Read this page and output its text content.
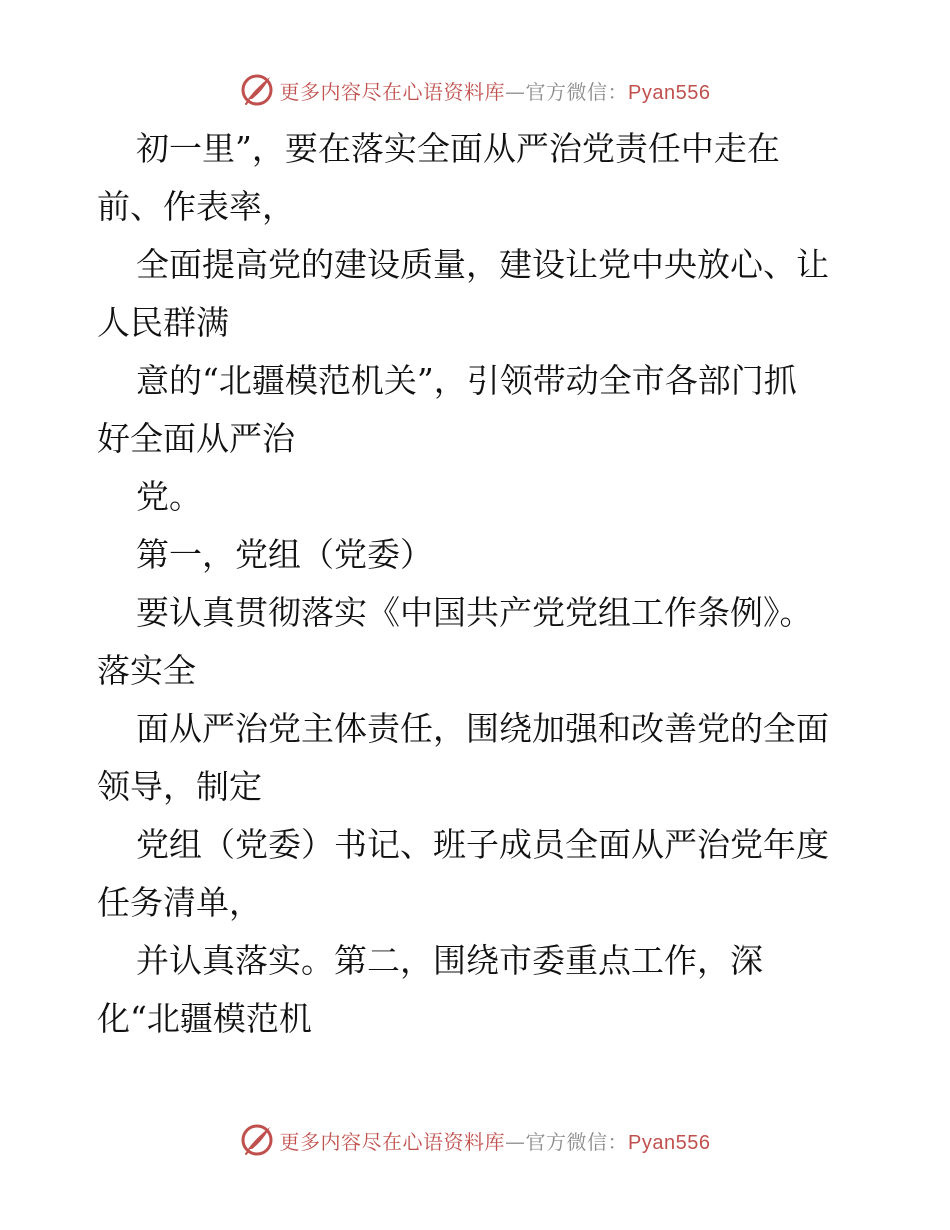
更多内容尽在心语资料库—官方微信：Pyan556
初一里”，要在落实全面从严治党责任中走在
前、作表率，
全面提高党的建设质量，建设让党中央放心、让
人民群满
意的“北疆模范机关”，引领带动全市各部门抓
好全面从严治
党。
第一，党组（党委）
要认真贯彻落实《中国共产党党组工作条例》。
落实全
面从严治党主体责任，围绕加强和改善党的全面
领导，制定
党组（党委）书记、班子成员全面从严治党年度
任务清单，
并认真落实。第二，围绕市委重点工作，深
化“北疆模范机
更多内容尽在心语资料库—官方微信：Pyan556
